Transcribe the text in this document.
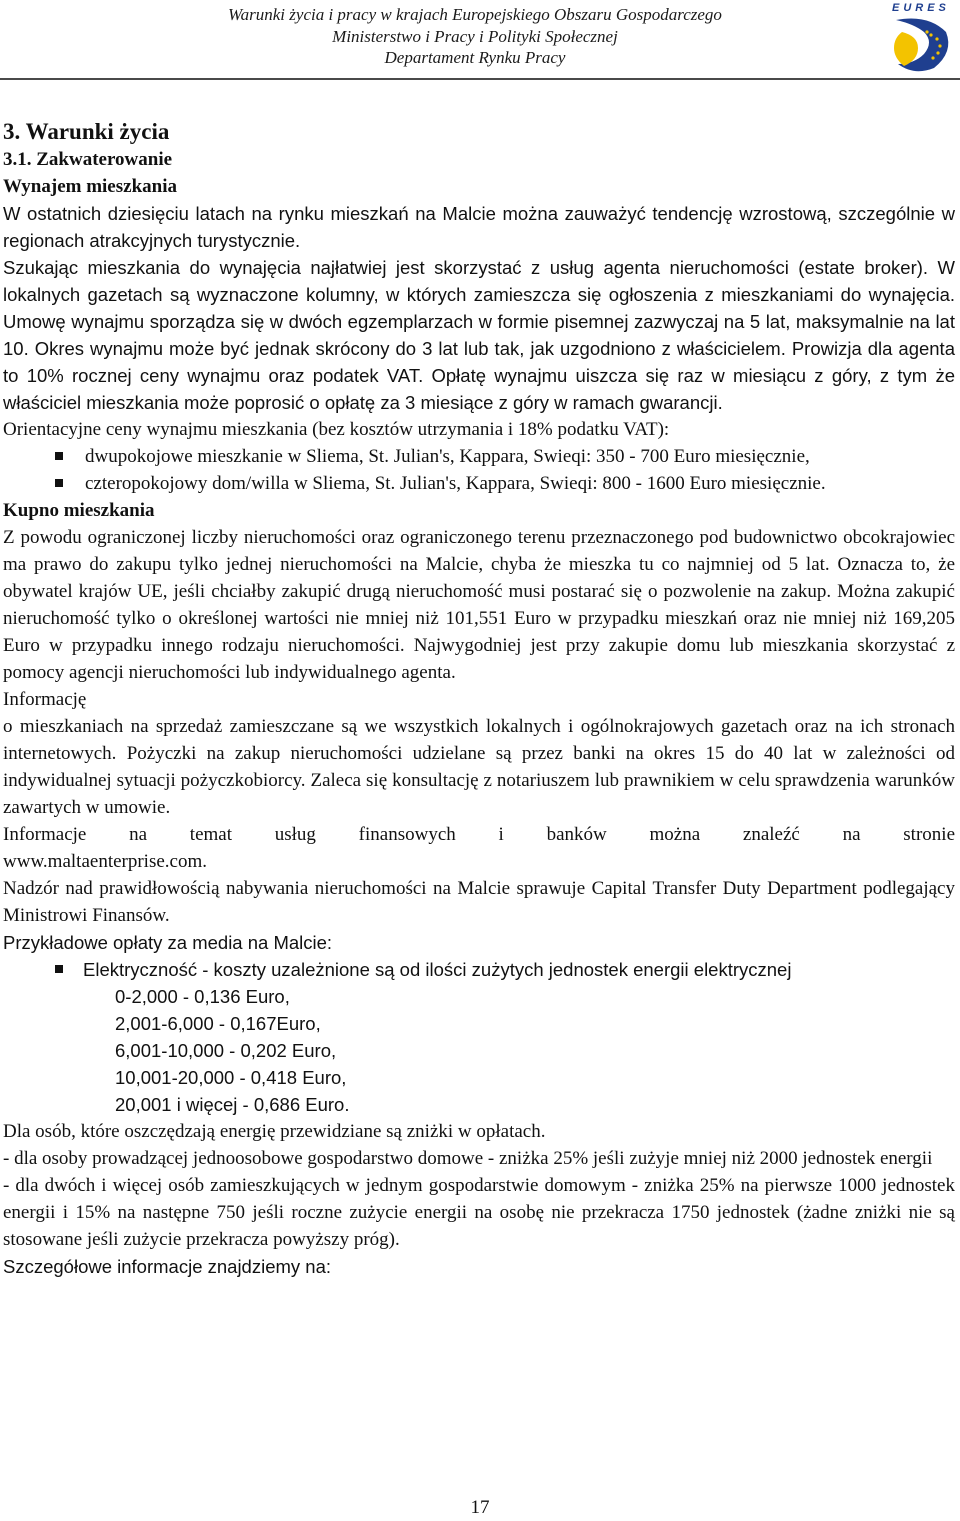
Warunki życia i pracy w krajach Europejskiego Obszaru Gospodarczego
Ministerstwo i Pracy i Polityki Społecznej
Departament Rynku Pracy
EURES
3. Warunki życia
3.1. Zakwaterowanie
Wynajem mieszkania

W ostatnich dziesięciu latach na rynku mieszkań na Malcie można zauważyć tendencję wzrostową, szczególnie w regionach atrakcyjnych turystycznie.

Szukając mieszkania do wynajęcia najłatwiej jest skorzystać z usług agenta nieruchomości (estate broker). W lokalnych gazetach są wyznaczone kolumny, w których zamieszcza się ogłoszenia z mieszkaniami do wynajęcia. Umowę wynajmu sporządza się w dwóch egzemplarzach w formie pisemnej zazwyczaj na 5 lat, maksymalnie na lat 10. Okres wynajmu może być jednak skrócony do 3 lat lub tak, jak uzgodniono z właścicielem. Prowizja dla agenta to 10% rocznej ceny wynajmu oraz podatek VAT. Opłatę wynajmu uiszcza się raz w miesiącu z góry, z tym że właściciel mieszkania może poprosić o opłatę za 3 miesiące z góry w ramach gwarancji.

Orientacyjne ceny wynajmu mieszkania (bez kosztów utrzymania i 18% podatku VAT):

dwupokojowe mieszkanie w Sliema, St. Julian's, Kappara, Swieqi: 350 - 700 Euro miesięcznie,
czteropokojowy dom/willa w Sliema, St. Julian's, Kappara, Swieqi: 800 - 1600 Euro miesięcznie.
Kupno mieszkania

Z powodu ograniczonej liczby nieruchomości oraz ograniczonego terenu przeznaczonego pod budownictwo obcokrajowiec ma prawo do zakupu tylko jednej nieruchomości na Malcie, chyba że mieszka tu co najmniej od 5 lat. Oznacza to, że obywatel krajów UE, jeśli chciałby zakupić drugą nieruchomość musi postarać się o pozwolenie na zakup. Można zakupić nieruchomość tylko o określonej wartości nie mniej niż 101,551 Euro w przypadku mieszkań oraz nie mniej niż 169,205 Euro w przypadku innego rodzaju nieruchomości. Najwygodniej jest przy zakupie domu lub mieszkania skorzystać z pomocy agencji nieruchomości lub indywidualnego agenta.

Informację

o mieszkaniach na sprzedaż zamieszczane są we wszystkich lokalnych i ogólnokrajowych gazetach oraz na ich stronach internetowych. Pożyczki na zakup nieruchomości udzielane są przez banki na okres 15 do 40 lat w zależności od indywidualnej sytuacji pożyczkobiorcy. Zaleca się konsultację z notariuszem lub prawnikiem w celu sprawdzenia warunków zawartych w umowie.

Informacje na temat usług finansowych i banków można znaleźć na stronie

www.maltaenterprise.com.

Nadzór nad prawidłowością nabywania nieruchomości na Malcie sprawuje Capital Transfer Duty Department podlegający Ministrowi Finansów.

Przykładowe opłaty za media na Malcie:

Elektryczność - koszty uzależnione są od ilości zużytych jednostek energii elektrycznej
0-2,000 - 0,136 Euro,
2,001-6,000 - 0,167Euro,
6,001-10,000 - 0,202 Euro,
10,001-20,000 - 0,418 Euro,
20,001 i więcej - 0,686 Euro.

Dla osób, które oszczędzają energię przewidziane są zniżki w opłatach.

- dla osoby prowadzącej jednoosobowe gospodarstwo domowe - zniżka 25% jeśli zużyje mniej niż 2000 jednostek energii

- dla dwóch i więcej osób zamieszkujących w jednym gospodarstwie domowym - zniżka 25% na pierwsze 1000 jednostek energii i 15% na następne 750 jeśli roczne zużycie energii na osobę nie przekracza 1750 jednostek (żadne zniżki nie są stosowane jeśli zużycie przekracza powyższy próg).

Szczegółowe informacje znajdziemy na:

17
